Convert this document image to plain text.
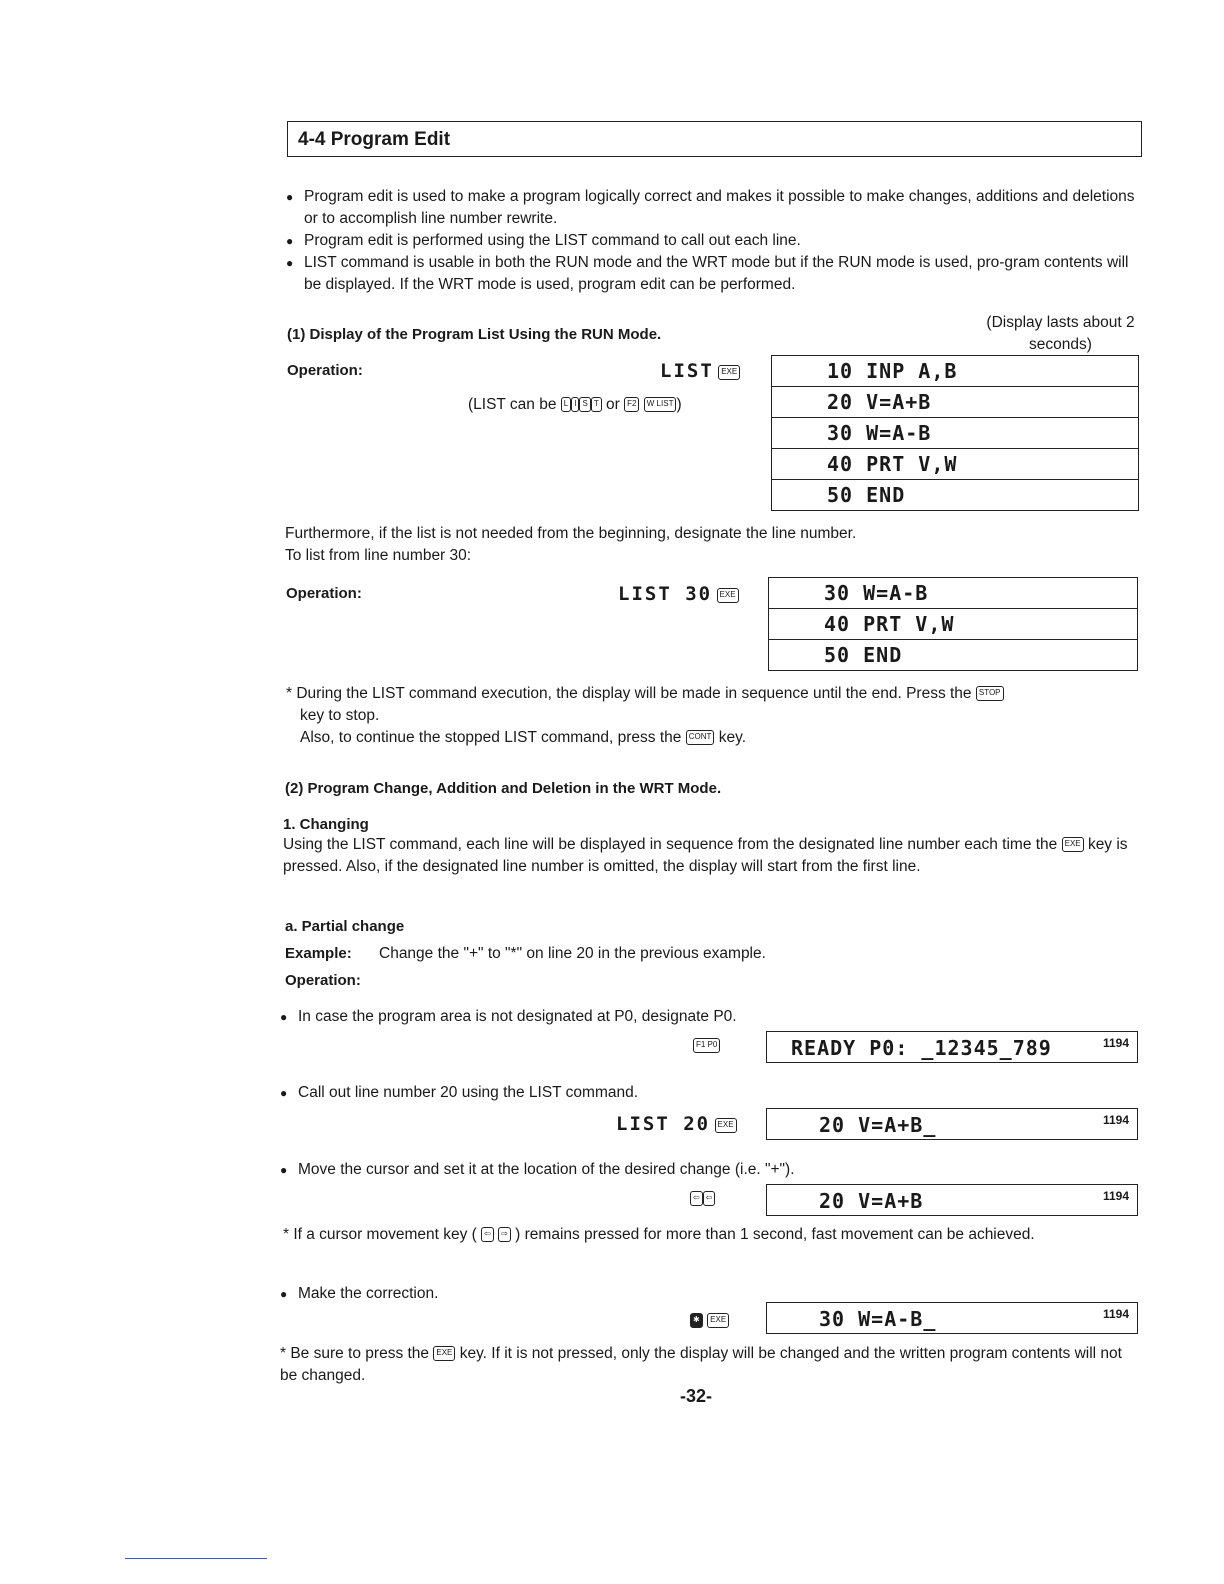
4-4 Program Edit
● Program edit is used to make a program logically correct and makes it possible to make changes, additions and deletions or to accomplish line number rewrite.
● Program edit is performed using the LIST command to call out each line.
● LIST command is usable in both the RUN mode and the WRT mode but if the RUN mode is used, pro-gram contents will be displayed. If the WRT mode is used, program edit can be performed.
(1) Display of the Program List Using the RUN Mode.
(Display lasts about 2 seconds)
Operation:	LIST EXE
(LIST can be L I S T or F2 W LIST )
10 INP A,B
20 V=A+B
30 W=A-B
40 PRT V,W
50 END
Furthermore, if the list is not needed from the beginning, designate the line number.
To list from line number 30:
Operation:	LIST 30 EXE	30 W=A-B
40 PRT V,W
50 END
* During the LIST command execution, the display will be made in sequence until the end. Press the STOP
key to stop.
Also, to continue the stopped LIST command, press the CONT key.
(2) Program Change, Addition and Deletion in the WRT Mode.
1. Changing
Using the LIST command, each line will be displayed in sequence from the designated line number each time the EXE key is pressed. Also, if the designated line number is omitted, the display will start from the first line.
a. Partial change
Example: Change the "+" to "*" on line 20 in the previous example.
Operation:
● In case the program area is not designated at P0, designate P0.
F1 P0	READY P0: _12345_789	1194
● Call out line number 20 using the LIST command.
LIST 20 EXE	20 V=A+B_	1194
● Move the cursor and set it at the location of the desired change (i.e. "+").
⇦ ⇦	20 V=A+B	1194
* If a cursor movement key ( ⇦ ⇨ ) remains pressed for more than 1 second, fast movement can be achieved.
● Make the correction.
✱ EXE	30 W=A-B_	1194
* Be sure to press the EXE key. If it is not pressed, only the display will be changed and the written program contents will not be changed.
-32-
